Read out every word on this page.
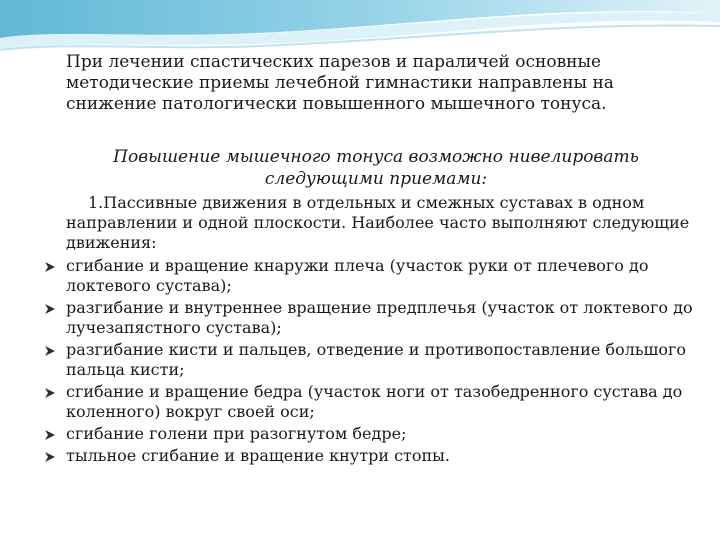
При лечении спастических парезов и параличей основные методические приемы лечебной гимнастики направлены на снижение патологически повышенного мышечного тонуса.

Повышение мышечного тонуса возможно нивелировать
следующими приемами:

1.Пассивные движения в отдельных и смежных суставах в одном направлении и одной плоскости. Наиболее часто выполняют следующие движения:

сгибание и вращение кнаружи плеча (участок руки от плечевого до локтевого сустава);
разгибание и внутреннее вращение предплечья (участок от локтевого до лучезапястного сустава);
разгибание кисти и пальцев, отведение и противопоставление большого пальца кисти;
сгибание и вращение бедра (участок ноги от тазобедренного сустава до коленного) вокруг своей оси;
сгибание голени при разогнутом бедре;
тыльное сгибание и вращение кнутри стопы.
